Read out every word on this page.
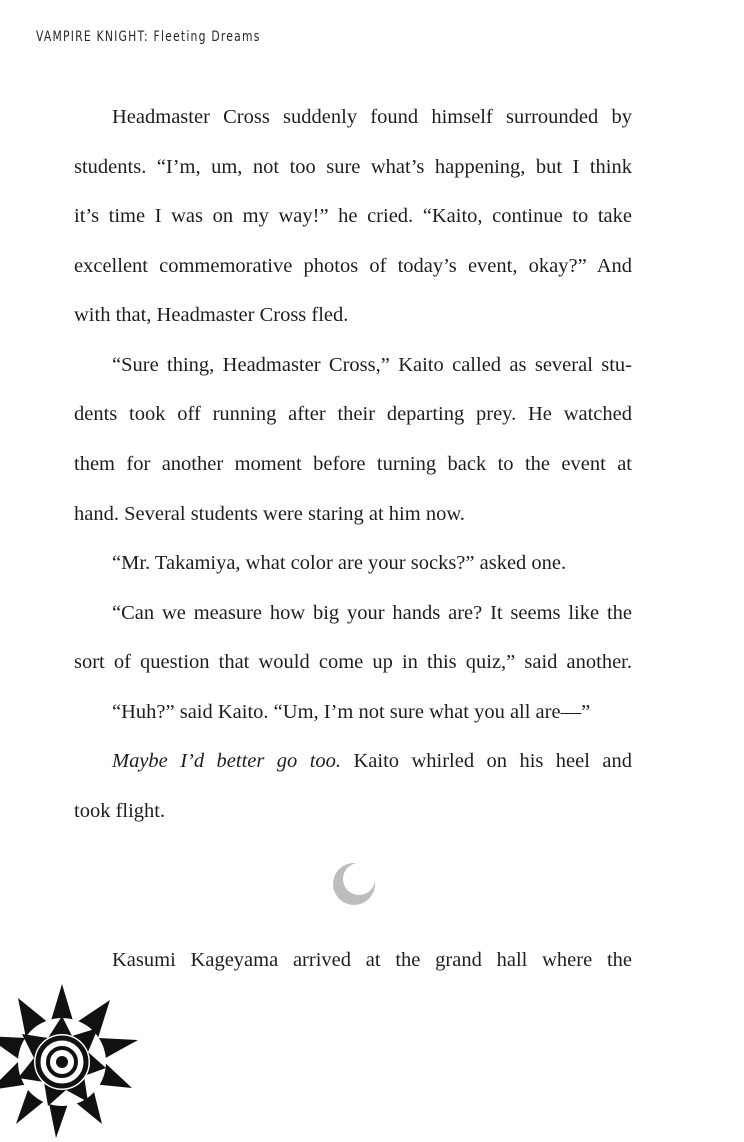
VAMPIRE KNIGHT: Fleeting Dreams
Headmaster Cross suddenly found himself surrounded by
students. “I’m, um, not too sure what’s happening, but I think
it’s time I was on my way!” he cried. “Kaito, continue to take
excellent commemorative photos of today’s event, okay?” And
with that, Headmaster Cross fled.
“Sure thing, Headmaster Cross,” Kaito called as several stu-
dents took off running after their departing prey. He watched
them for another moment before turning back to the event at
hand. Several students were staring at him now.
“Mr. Takamiya, what color are your socks?” asked one.
“Can we measure how big your hands are? It seems like the
sort of question that would come up in this quiz,” said another.
“Huh?” said Kaito. “Um, I’m not sure what you all are—”
Maybe I’d better go too. Kaito whirled on his heel and
took flight.
Kasumi Kageyama arrived at the grand hall where the
